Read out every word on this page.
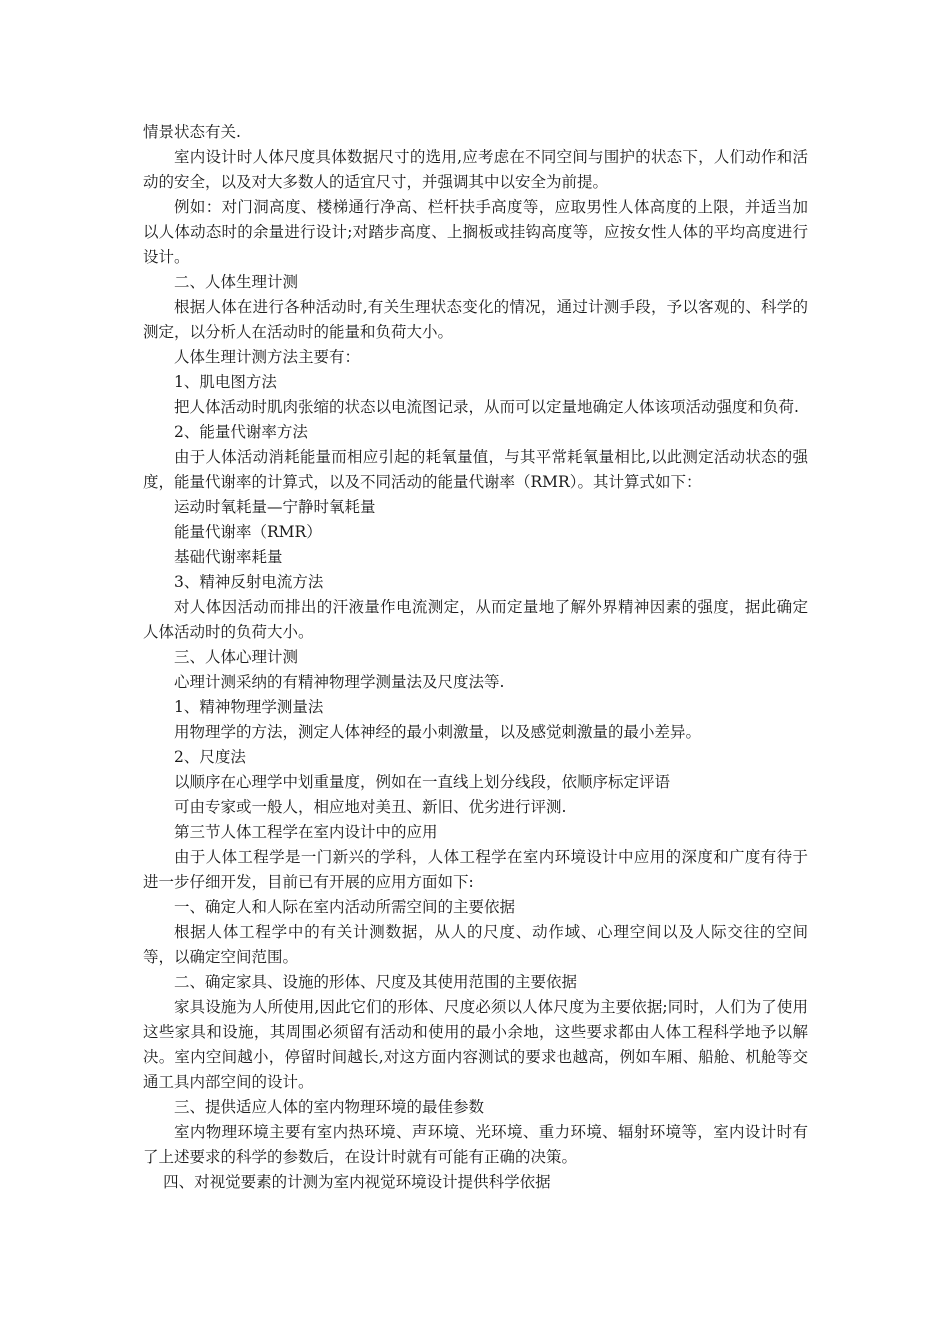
情景状态有关.

室内设计时人体尺度具体数据尺寸的选用,应考虑在不同空间与围护的状态下，人们动作和活动的安全，以及对大多数人的适宜尺寸，并强调其中以安全为前提。

例如：对门洞高度、楼梯通行净高、栏杆扶手高度等，应取男性人体高度的上限，并适当加以人体动态时的余量进行设计;对踏步高度、上搁板或挂钩高度等，应按女性人体的平均高度进行设计。

二、人体生理计测

根据人体在进行各种活动时,有关生理状态变化的情况，通过计测手段，予以客观的、科学的测定，以分析人在活动时的能量和负荷大小。

人体生理计测方法主要有：

1、肌电图方法

把人体活动时肌肉张缩的状态以电流图记录，从而可以定量地确定人体该项活动强度和负荷.

2、能量代谢率方法

由于人体活动消耗能量而相应引起的耗氧量值，与其平常耗氧量相比,以此测定活动状态的强度，能量代谢率的计算式，以及不同活动的能量代谢率（RMR）。其计算式如下：

运动时氧耗量—宁静时氧耗量

能量代谢率（RMR）

基础代谢率耗量

3、精神反射电流方法

对人体因活动而排出的汗液量作电流测定，从而定量地了解外界精神因素的强度，据此确定人体活动时的负荷大小。

三、人体心理计测

心理计测采纳的有精神物理学测量法及尺度法等.

1、精神物理学测量法

用物理学的方法，测定人体神经的最小刺激量，以及感觉刺激量的最小差异。

2、尺度法

以顺序在心理学中划重量度，例如在一直线上划分线段，依顺序标定评语

可由专家或一般人，相应地对美丑、新旧、优劣进行评测.

第三节人体工程学在室内设计中的应用

由于人体工程学是一门新兴的学科，人体工程学在室内环境设计中应用的深度和广度有待于进一步仔细开发，目前已有开展的应用方面如下:

一、确定人和人际在室内活动所需空间的主要依据

根据人体工程学中的有关计测数据，从人的尺度、动作域、心理空间以及人际交往的空间等，以确定空间范围。

二、确定家具、设施的形体、尺度及其使用范围的主要依据

家具设施为人所使用,因此它们的形体、尺度必须以人体尺度为主要依据;同时，人们为了使用这些家具和设施，其周围必须留有活动和使用的最小余地，这些要求都由人体工程科学地予以解决。室内空间越小，停留时间越长,对这方面内容测试的要求也越高，例如车厢、船舱、机舱等交通工具内部空间的设计。

三、提供适应人体的室内物理环境的最佳参数

室内物理环境主要有室内热环境、声环境、光环境、重力环境、辐射环境等，室内设计时有了上述要求的科学的参数后，在设计时就有可能有正确的决策。

四、对视觉要素的计测为室内视觉环境设计提供科学依据
